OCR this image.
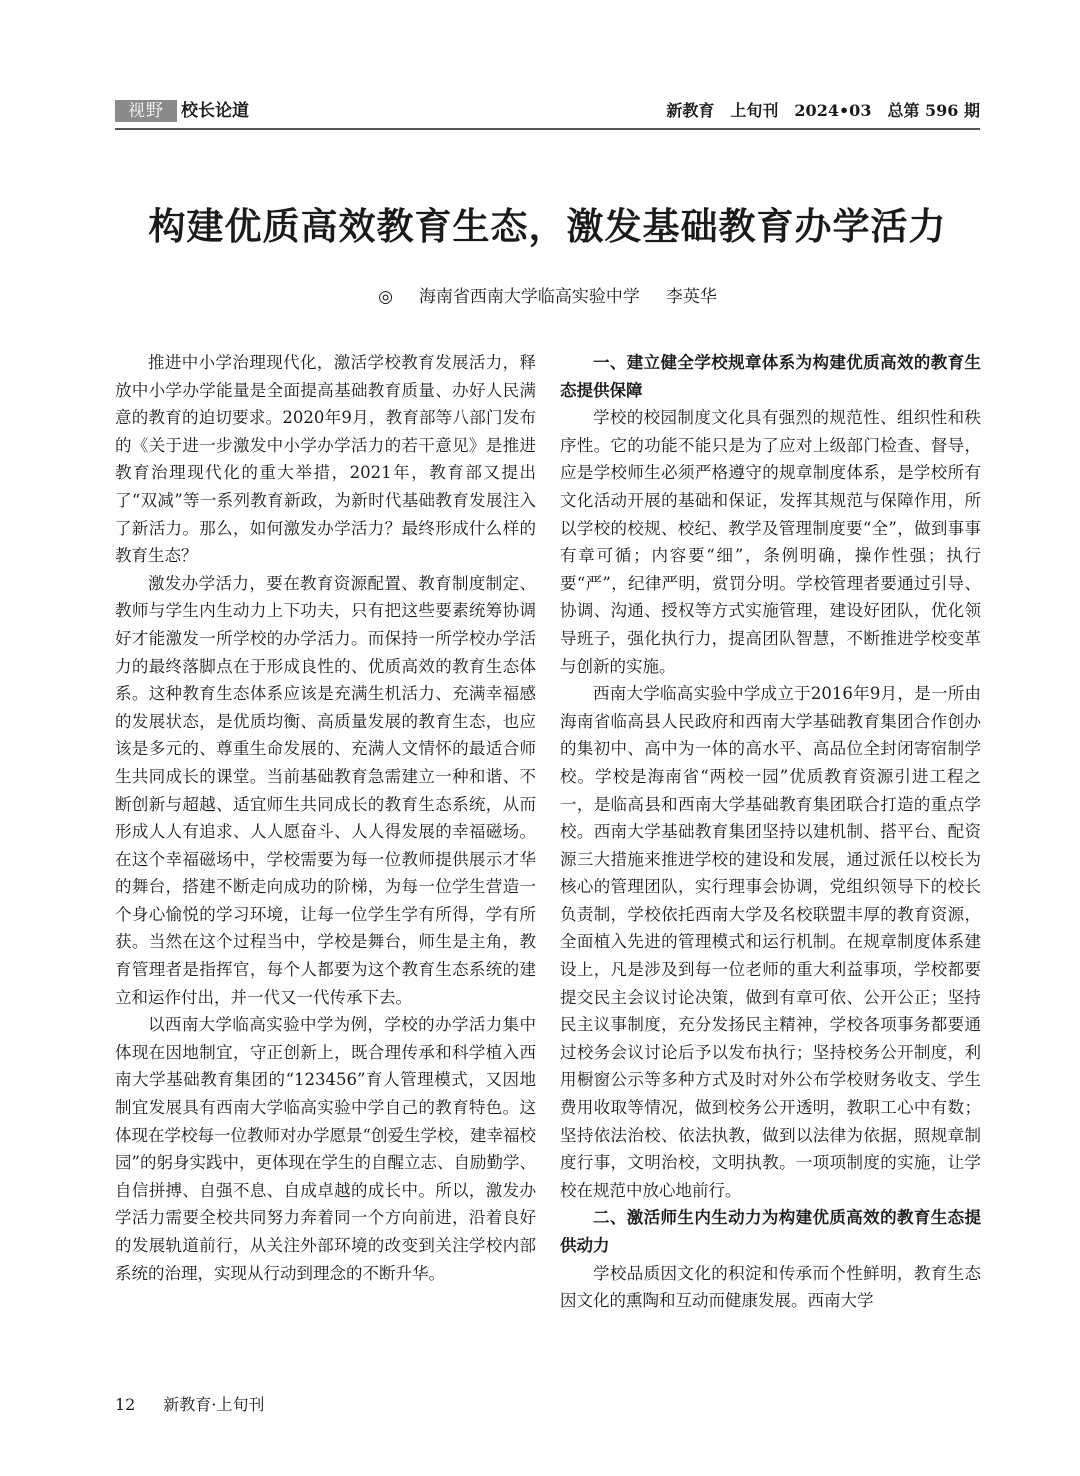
视野	校长论道	新教育 上旬刊 2024•03 总第 596 期
构建优质高效教育生态，激发基础教育办学活力
◎ 海南省西南大学临高实验中学 李英华

推进中小学治理现代化，激活学校教育发展活力，释放中小学办学能量是全面提高基础教育质量、办好人民满意的教育的迫切要求。2020年9月，教育部等八部门发布的《关于进一步激发中小学办学活力的若干意见》是推进教育治理现代化的重大举措，2021年，教育部又提出了“双减”等一系列教育新政，为新时代基础教育发展注入了新活力。那么，如何激发办学活力？最终形成什么样的教育生态？

激发办学活力，要在教育资源配置、教育制度制定、教师与学生内生动力上下功夫，只有把这些要素统筹协调好才能激发一所学校的办学活力。而保持一所学校办学活力的最终落脚点在于形成良性的、优质高效的教育生态体系。这种教育生态体系应该是充满生机活力、充满幸福感的发展状态，是优质均衡、高质量发展的教育生态，也应该是多元的、尊重生命发展的、充满人文情怀的最适合师生共同成长的课堂。当前基础教育急需建立一种和谐、不断创新与超越、适宜师生共同成长的教育生态系统，从而形成人人有追求、人人愿奋斗、人人得发展的幸福磁场。在这个幸福磁场中，学校需要为每一位教师提供展示才华的舞台，搭建不断走向成功的阶梯，为每一位学生营造一个身心愉悦的学习环境，让每一位学生学有所得，学有所获。当然在这个过程当中，学校是舞台，师生是主角，教育管理者是指挥官，每个人都要为这个教育生态系统的建立和运作付出，并一代又一代传承下去。

以西南大学临高实验中学为例，学校的办学活力集中体现在因地制宜，守正创新上，既合理传承和科学植入西南大学基础教育集团的“123456”育人管理模式，又因地制宜发展具有西南大学临高实验中学自己的教育特色。这体现在学校每一位教师对办学愿景“创爱生学校，建幸福校园”的躬身实践中，更体现在学生的自醒立志、自励勤学、自信拼搏、自强不息、自成卓越的成长中。所以，激发办学活力需要全校共同努力奔着同一个方向前进，沿着良好的发展轨道前行，从关注外部环境的改变到关注学校内部系统的治理，实现从行动到理念的不断升华。

一、建立健全学校规章体系为构建优质高效的教育生态提供保障

学校的校园制度文化具有强烈的规范性、组织性和秩序性。它的功能不能只是为了应对上级部门检查、督导，应是学校师生必须严格遵守的规章制度体系，是学校所有文化活动开展的基础和保证，发挥其规范与保障作用，所以学校的校规、校纪、教学及管理制度要“全”，做到事事有章可循；内容要“细”，条例明确，操作性强；执行要“严”，纪律严明，赏罚分明。学校管理者要通过引导、协调、沟通、授权等方式实施管理，建设好团队，优化领导班子，强化执行力，提高团队智慧，不断推进学校变革与创新的实施。

西南大学临高实验中学成立于2016年9月，是一所由海南省临高县人民政府和西南大学基础教育集团合作创办的集初中、高中为一体的高水平、高品位全封闭寄宿制学校。学校是海南省“两校一园”优质教育资源引进工程之一，是临高县和西南大学基础教育集团联合打造的重点学校。西南大学基础教育集团坚持以建机制、搭平台、配资源三大措施来推进学校的建设和发展，通过派任以校长为核心的管理团队，实行理事会协调，党组织领导下的校长负责制，学校依托西南大学及名校联盟丰厚的教育资源，全面植入先进的管理模式和运行机制。在规章制度体系建设上，凡是涉及到每一位老师的重大利益事项，学校都要提交民主会议讨论决策，做到有章可依、公开公正；坚持民主议事制度，充分发扬民主精神，学校各项事务都要通过校务会议讨论后予以发布执行；坚持校务公开制度，利用橱窗公示等多种方式及时对外公布学校财务收支、学生费用收取等情况，做到校务公开透明，教职工心中有数；坚持依法治校、依法执教，做到以法律为依据，照规章制度行事，文明治校，文明执教。一项项制度的实施，让学校在规范中放心地前行。

二、激活师生内生动力为构建优质高效的教育生态提供动力

学校品质因文化的积淀和传承而个性鲜明，教育生态因文化的熏陶和互动而健康发展。西南大学

12 新教育·上旬刊
